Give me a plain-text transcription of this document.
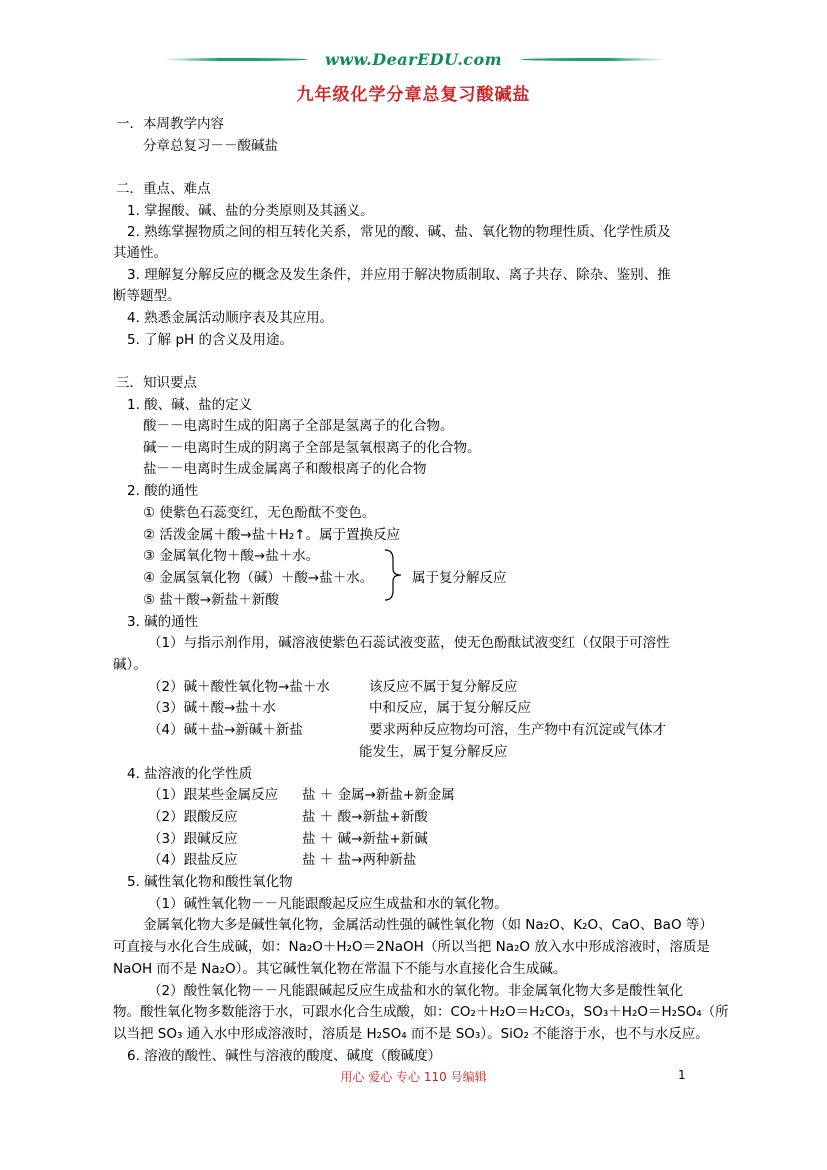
www.DearEDU.com
九年级化学分章总复习酸碱盐
一．本周教学内容
分章总复习－－酸碱盐
二．重点、难点
1. 掌握酸、碱、盐的分类原则及其涵义。
2. 熟练掌握物质之间的相互转化关系，常见的酸、碱、盐、氧化物的物理性质、化学性质及
其通性。
3. 理解复分解反应的概念及发生条件，并应用于解决物质制取、离子共存、除杂、鉴别、推
断等题型。
4. 熟悉金属活动顺序表及其应用。
5. 了解 pH 的含义及用途。
三．知识要点
1. 酸、碱、盐的定义
酸－－电离时生成的阳离子全部是氢离子的化合物。
碱－－电离时生成的阴离子全部是氢氧根离子的化合物。
盐－－电离时生成金属离子和酸根离子的化合物
2. 酸的通性
① 使紫色石蕊变红，无色酚酞不变色。
② 活泼金属＋酸→盐＋H₂↑。属于置换反应
③ 金属氧化物＋酸→盐＋水。
④ 金属氢氧化物（碱）＋酸→盐＋水。	属于复分解反应
⑤ 盐＋酸→新盐＋新酸
3. 碱的通性
（1）与指示剂作用，碱溶液使紫色石蕊试液变蓝，使无色酚酞试液变红（仅限于可溶性
碱）。
（2）碱＋酸性氧化物→盐＋水	该反应不属于复分解反应
（3）碱＋酸→盐＋水	中和反应，属于复分解反应
（4）碱＋盐→新碱＋新盐	要求两种反应物均可溶，生产物中有沉淀或气体才
能发生，属于复分解反应
4. 盐溶液的化学性质
（1）跟某些金属反应 盐 ＋ 金属→新盐+新金属
（2）跟酸反应	盐 ＋ 酸→新盐+新酸
（3）跟碱反应	盐 ＋ 碱→新盐+新碱
（4）跟盐反应	盐 ＋ 盐→两种新盐
5. 碱性氧化物和酸性氧化物
（1）碱性氧化物－－凡能跟酸起反应生成盐和水的氧化物。
金属氧化物大多是碱性氧化物，金属活动性强的碱性氧化物（如 Na₂O、K₂O、CaO、BaO 等）
可直接与水化合生成碱，如：Na₂O＋H₂O＝2NaOH（所以当把 Na₂O 放入水中形成溶液时，溶质是
NaOH 而不是 Na₂O）。其它碱性氧化物在常温下不能与水直接化合生成碱。
（2）酸性氧化物－－凡能跟碱起反应生成盐和水的氧化物。非金属氧化物大多是酸性氧化
物。酸性氧化物多数能溶于水，可跟水化合生成酸，如：CO₂＋H₂O＝H₂CO₃，SO₃＋H₂O＝H₂SO₄（所
以当把 SO₃ 通入水中形成溶液时，溶质是 H₂SO₄ 而不是 SO₃）。SiO₂ 不能溶于水，也不与水反应。
6. 溶液的酸性、碱性与溶液的酸度、碱度（酸碱度）
用心 爱心 专心 110 号编辑	1
